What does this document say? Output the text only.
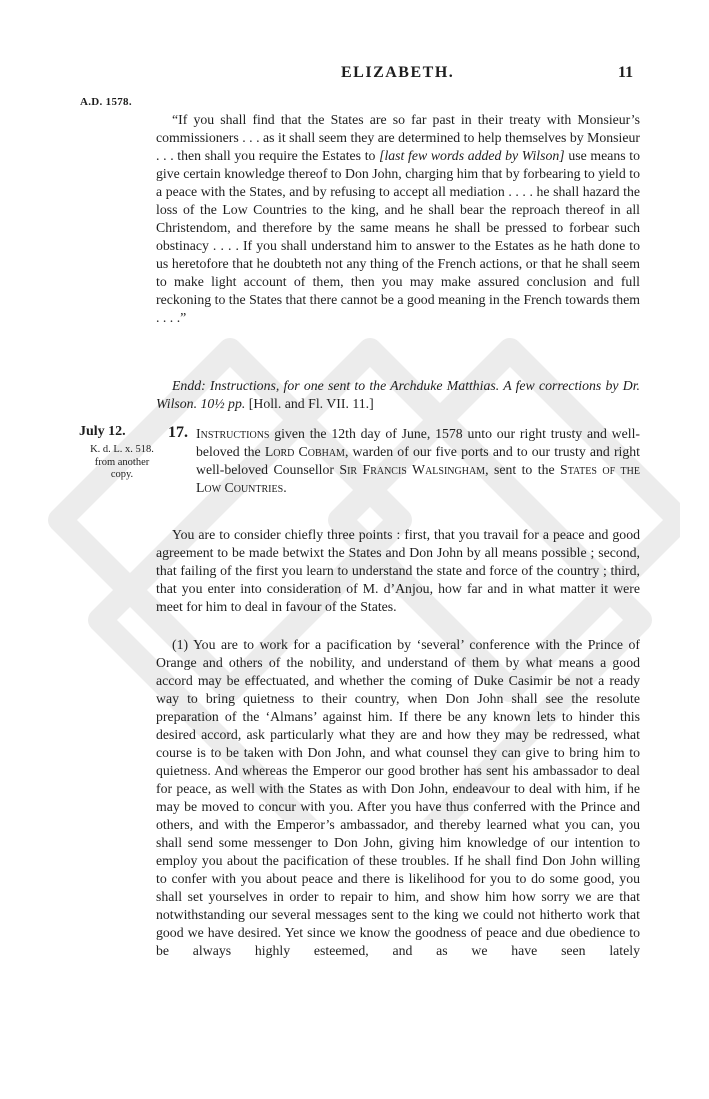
ELIZABETH.	11
A.D. 1578.
“If you shall find that the States are so far past in their treaty with Monsieur’s commissioners . . . as it shall seem they are determined to help themselves by Monsieur . . . then shall you require the Estates to [last few words added by Wilson] use means to give certain knowledge thereof to Don John, charging him that by forbearing to yield to a peace with the States, and by refusing to accept all mediation . . . . he shall hazard the loss of the Low Countries to the king, and he shall bear the reproach thereof in all Christendom, and therefore by the same means he shall be pressed to forbear such obstinacy . . . . If you shall understand him to answer to the Estates as he hath done to us heretofore that he doubteth not any thing of the French actions, or that he shall seem to make light account of them, then you may make assured conclusion and full reckoning to the States that there cannot be a good meaning in the French towards them . . . .”
Endd: Instructions, for one sent to the Archduke Matthias. A few corrections by Dr. Wilson. 10½ pp. [Holl. and Fl. VII. 11.]
July 12.
K. d. L. x. 518. from another copy.
17. Instructions given the 12th day of June, 1578 unto our right trusty and well-beloved the Lord Cobham, warden of our five ports and to our trusty and right well-beloved Counsellor Sir Francis Walsingham, sent to the States of the Low Countries.
You are to consider chiefly three points : first, that you travail for a peace and good agreement to be made betwixt the States and Don John by all means possible ; second, that failing of the first you learn to understand the state and force of the country ; third, that you enter into consideration of M. d’Anjou, how far and in what matter it were meet for him to deal in favour of the States.
(1) You are to work for a pacification by ‘several’ conference with the Prince of Orange and others of the nobility, and understand of them by what means a good accord may be effectuated, and whether the coming of Duke Casimir be not a ready way to bring quietness to their country, when Don John shall see the resolute preparation of the ‘Almans’ against him. If there be any known lets to hinder this desired accord, ask particularly what they are and how they may be redressed, what course is to be taken with Don John, and what counsel they can give to bring him to quietness. And whereas the Emperor our good brother has sent his ambassador to deal for peace, as well with the States as with Don John, endeavour to deal with him, if he may be moved to concur with you. After you have thus conferred with the Prince and others, and with the Emperor’s ambassador, and thereby learned what you can, you shall send some messenger to Don John, giving him knowledge of our intention to employ you about the pacification of these troubles. If he shall find Don John willing to confer with you about peace and there is likelihood for you to do some good, you shall set yourselves in order to repair to him, and show him how sorry we are that notwithstanding our several messages sent to the king we could not hitherto work that good we have desired. Yet since we know the goodness of peace and due obedience to be always highly esteemed, and as we have seen lately
